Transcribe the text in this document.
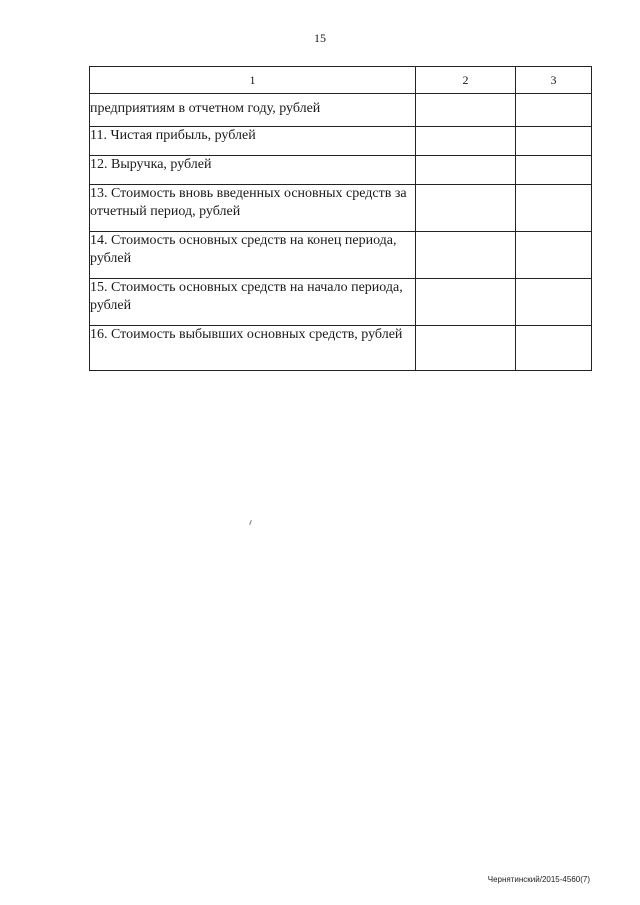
15
1	2	3
предприятиям в отчетном году, рублей		
11. Чистая прибыль, рублей		
12. Выручка, рублей		
13. Стоимость вновь введенных основных средств за отчетный период, рублей		
14. Стоимость основных средств на конец периода, рублей		
15. Стоимость основных средств на начало периода, рублей		
16. Стоимость выбывших основных средств, рублей		
Чернятинский/2015-4560(7)
